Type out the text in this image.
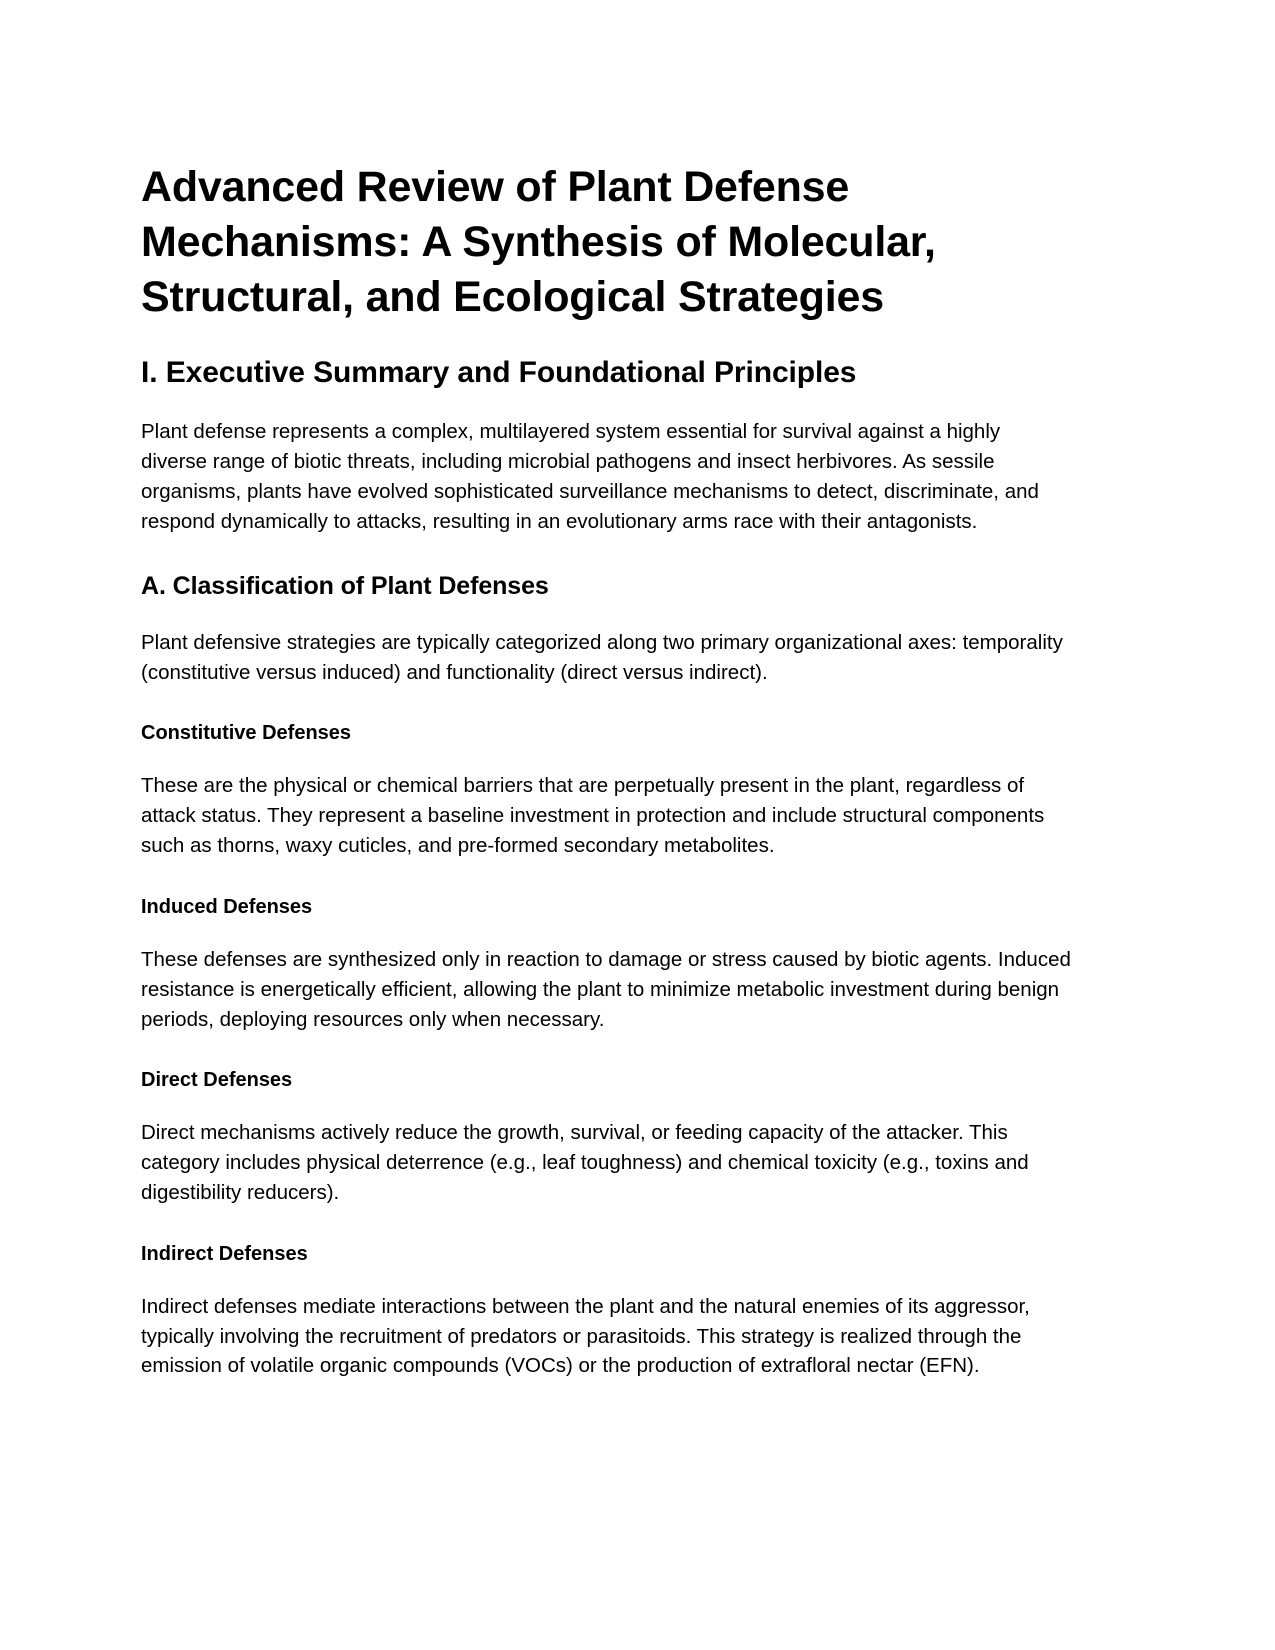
Advanced Review of Plant Defense Mechanisms: A Synthesis of Molecular, Structural, and Ecological Strategies
I. Executive Summary and Foundational Principles

Plant defense represents a complex, multilayered system essential for survival against a highly diverse range of biotic threats, including microbial pathogens and insect herbivores. As sessile organisms, plants have evolved sophisticated surveillance mechanisms to detect, discriminate, and respond dynamically to attacks, resulting in an evolutionary arms race with their antagonists.

A. Classification of Plant Defenses

Plant defensive strategies are typically categorized along two primary organizational axes: temporality (constitutive versus induced) and functionality (direct versus indirect).

Constitutive Defenses

These are the physical or chemical barriers that are perpetually present in the plant, regardless of attack status. They represent a baseline investment in protection and include structural components such as thorns, waxy cuticles, and pre-formed secondary metabolites.

Induced Defenses

These defenses are synthesized only in reaction to damage or stress caused by biotic agents. Induced resistance is energetically efficient, allowing the plant to minimize metabolic investment during benign periods, deploying resources only when necessary.

Direct Defenses

Direct mechanisms actively reduce the growth, survival, or feeding capacity of the attacker. This category includes physical deterrence (e.g., leaf toughness) and chemical toxicity (e.g., toxins and digestibility reducers).

Indirect Defenses

Indirect defenses mediate interactions between the plant and the natural enemies of its aggressor, typically involving the recruitment of predators or parasitoids. This strategy is realized through the emission of volatile organic compounds (VOCs) or the production of extrafloral nectar (EFN).
